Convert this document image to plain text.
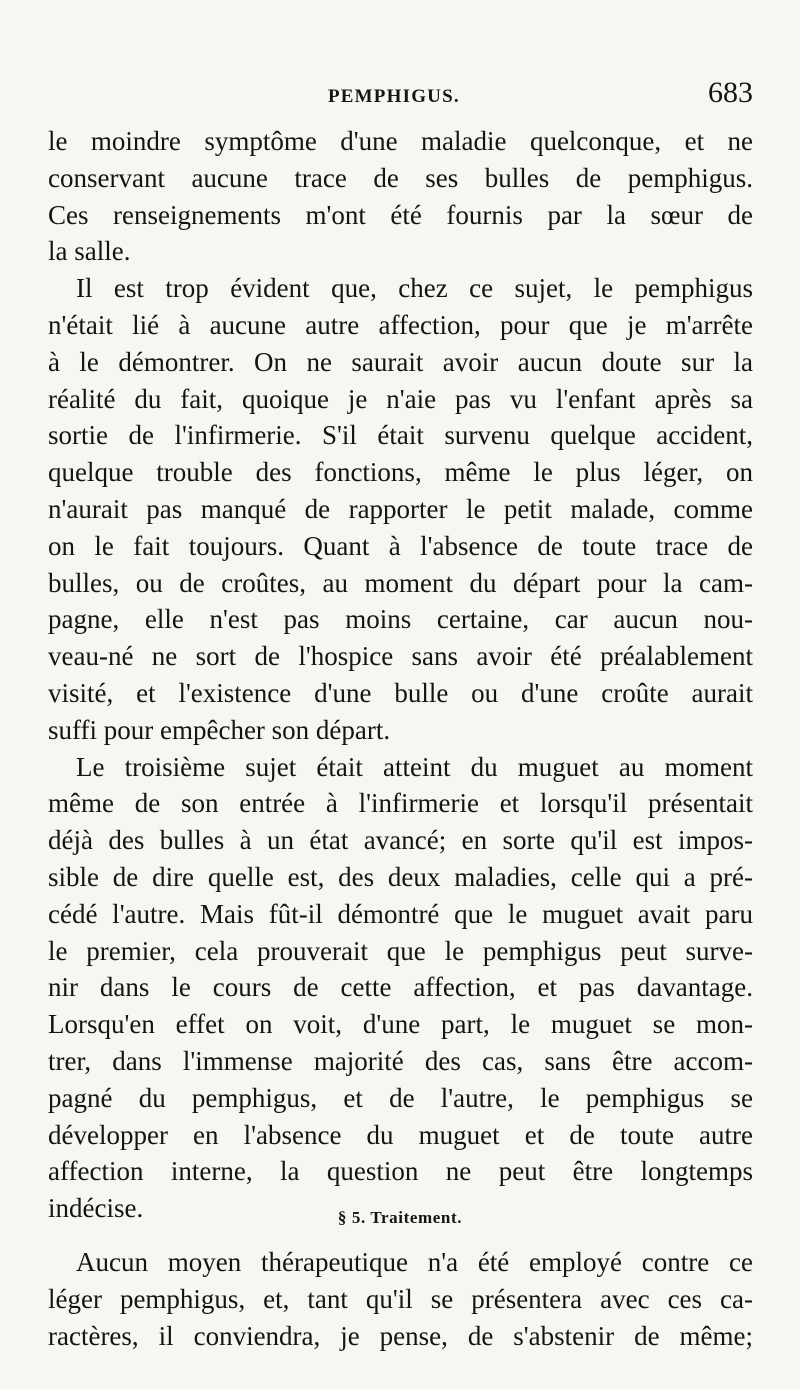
PEMPHIGUS.	683
le moindre symptôme d'une maladie quelconque, et ne
conservant aucune trace de ses bulles de pemphigus.
Ces renseignements m'ont été fournis par la sœur de
la salle.
Il est trop évident que, chez ce sujet, le pemphigus
n'était lié à aucune autre affection, pour que je m'arrête
à le démontrer. On ne saurait avoir aucun doute sur la
réalité du fait, quoique je n'aie pas vu l'enfant après sa
sortie de l'infirmerie. S'il était survenu quelque accident,
quelque trouble des fonctions, même le plus léger, on
n'aurait pas manqué de rapporter le petit malade, comme
on le fait toujours. Quant à l'absence de toute trace de
bulles, ou de croûtes, au moment du départ pour la cam-
pagne, elle n'est pas moins certaine, car aucun nou-
veau-né ne sort de l'hospice sans avoir été préalablement
visité, et l'existence d'une bulle ou d'une croûte aurait
suffi pour empêcher son départ.
Le troisième sujet était atteint du muguet au moment
même de son entrée à l'infirmerie et lorsqu'il présentait
déjà des bulles à un état avancé; en sorte qu'il est impos-
sible de dire quelle est, des deux maladies, celle qui a pré-
cédé l'autre. Mais fût-il démontré que le muguet avait paru
le premier, cela prouverait que le pemphigus peut surve-
nir dans le cours de cette affection, et pas davantage.
Lorsqu'en effet on voit, d'une part, le muguet se mon-
trer, dans l'immense majorité des cas, sans être accom-
pagné du pemphigus, et de l'autre, le pemphigus se
développer en l'absence du muguet et de toute autre
affection interne, la question ne peut être longtemps
indécise.	§ 5. Traitement.
Aucun moyen thérapeutique n'a été employé contre ce
léger pemphigus, et, tant qu'il se présentera avec ces ca-
ractères, il conviendra, je pense, de s'abstenir de même;
